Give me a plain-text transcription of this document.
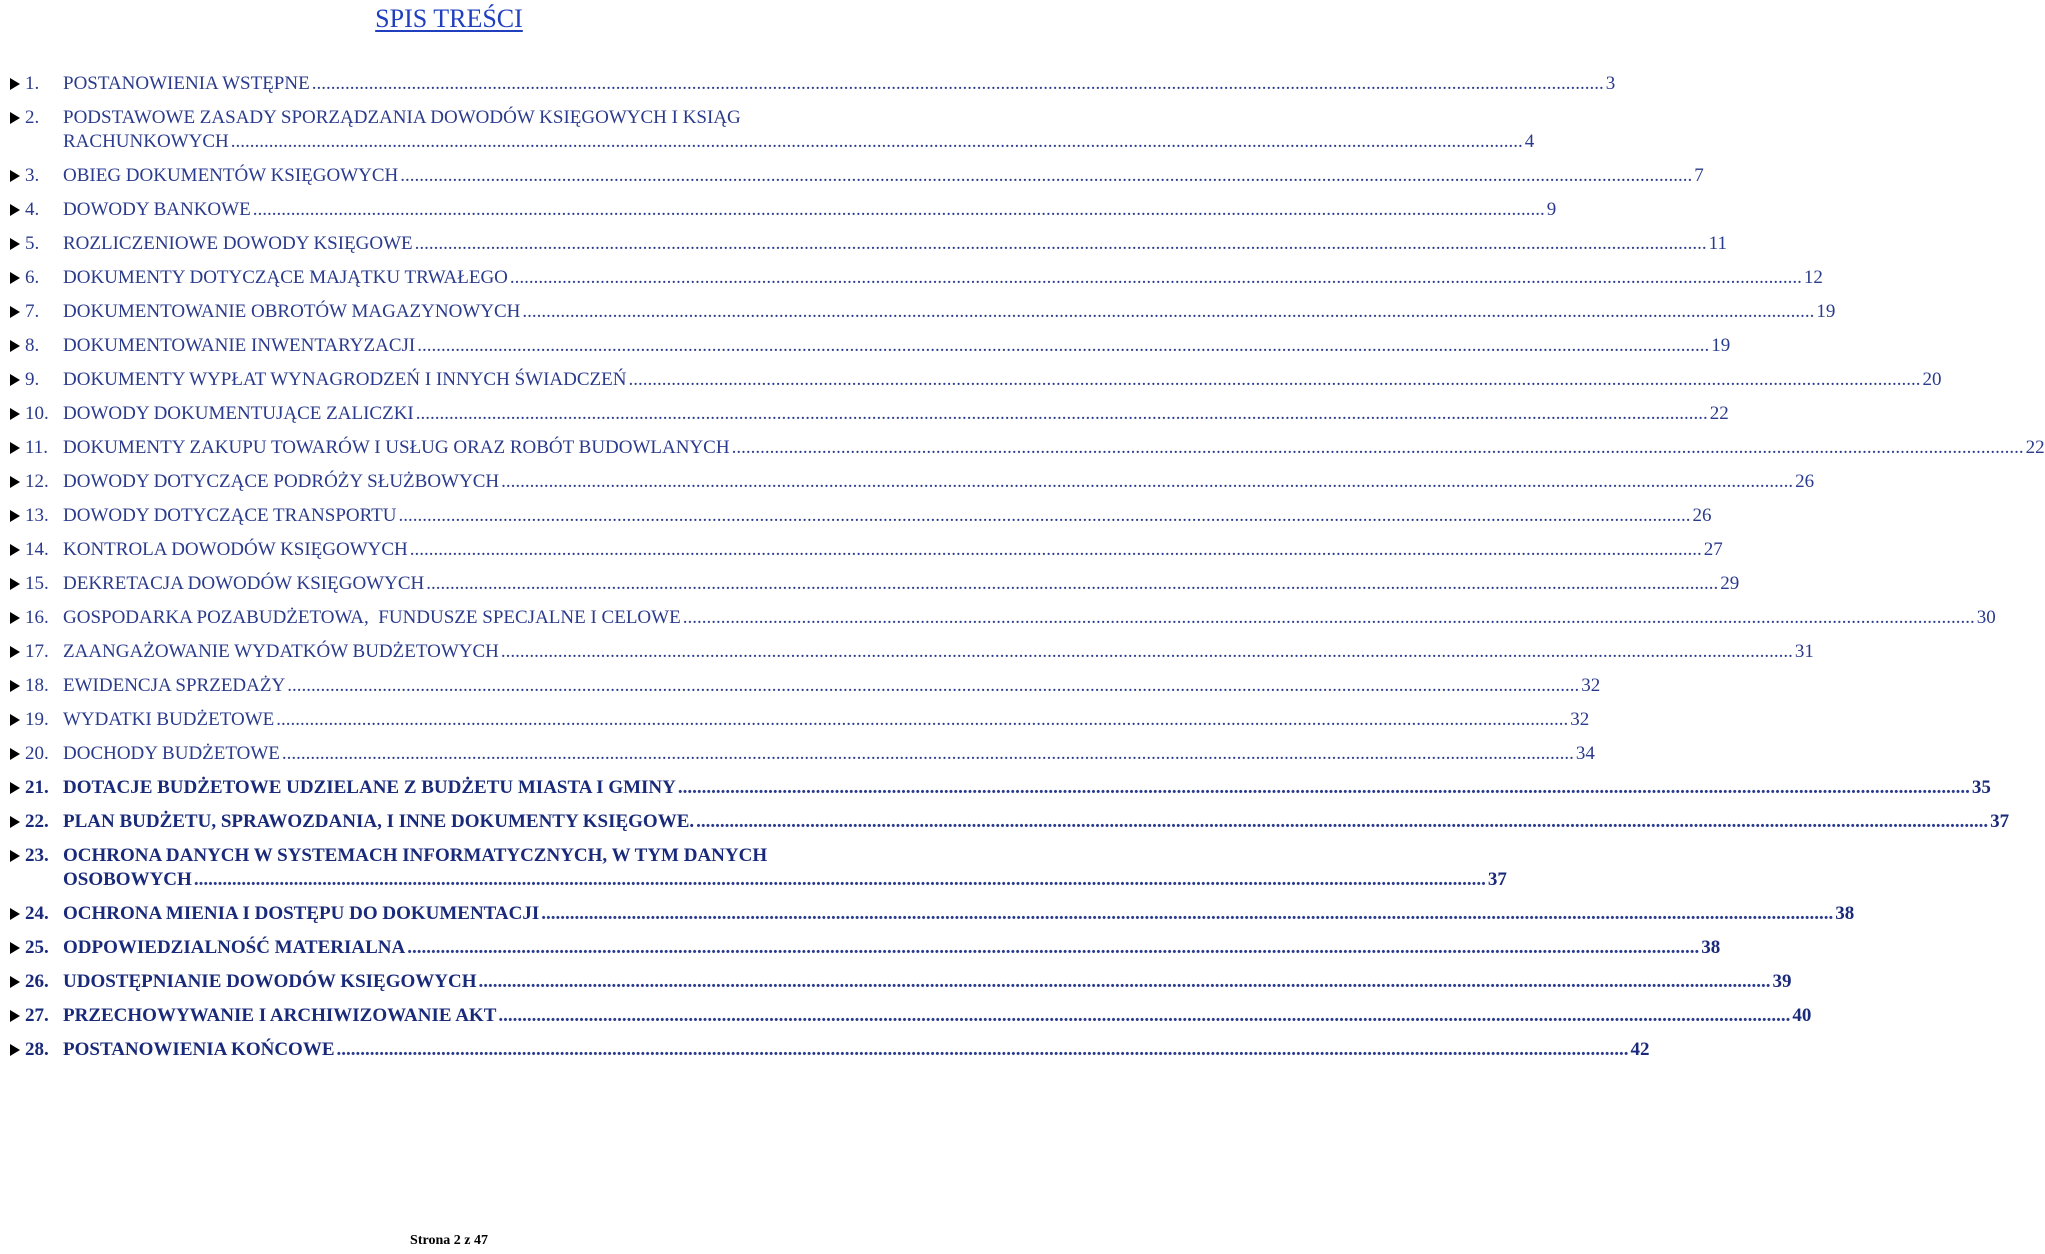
SPIS TREŚCI
1.	POSTANOWIENIA WSTĘPNE .....	3
2.	PODSTAWOWE ZASADY SPORZĄDZANIA DOWODÓW KSIĘGOWYCH I KSIĄG
RACHUNKOWYCH .....	4
3.	OBIEG DOKUMENTÓW KSIĘGOWYCH .....	7
4.	DOWODY BANKOWE .....	9
5.	ROZLICZENIOWE DOWODY KSIĘGOWE .....	11
6.	DOKUMENTY DOTYCZĄCE MAJĄTKU TRWAŁEGO .....	12
7.	DOKUMENTOWANIE OBROTÓW MAGAZYNOWYCH .....	19
8.	DOKUMENTOWANIE INWENTARYZACJI .....	19
9.	DOKUMENTY WYPŁAT WYNAGRODZEŃ I INNYCH ŚWIADCZEŃ .....	20
10. DOWODY DOKUMENTUJĄCE ZALICZKI .....	22
11. DOKUMENTY ZAKUPU TOWARÓW I USŁUG ORAZ ROBÓT BUDOWLANYCH .....	22
12. DOWODY DOTYCZĄCE PODRÓŻY SŁUŻBOWYCH .....	26
13. DOWODY DOTYCZĄCE TRANSPORTU .....	26
14. KONTROLA DOWODÓW KSIĘGOWYCH .....	27
15. DEKRETACJA DOWODÓW KSIĘGOWYCH .....	29
16. GOSPODARKA POZABUDŻETOWA,  FUNDUSZE SPECJALNE I CELOWE .....	30
17. ZAANGAŻOWANIE WYDATKÓW BUDŻETOWYCH .....	31
18. EWIDENCJA SPRZEDAŻY .....	32
19. WYDATKI BUDŻETOWE .....	32
20. DOCHODY BUDŻETOWE .....	34
21. DOTACJE BUDŻETOWE UDZIELANE Z BUDŻETU MIASTA I GMINY .....	35
22. PLAN BUDŻETU, SPRAWOZDANIA, I INNE DOKUMENTY KSIĘGOWE. .....	37
23. OCHRONA DANYCH W SYSTEMACH INFORMATYCZNYCH, W TYM DANYCH
OSOBOWYCH .....	37
24. OCHRONA MIENIA I DOSTĘPU DO DOKUMENTACJI .....	38
25. ODPOWIEDZIALNOŚĆ MATERIALNA .....	38
26. UDOSTĘPNIANIE DOWODÓW KSIĘGOWYCH .....	39
27. PRZECHOWYWANIE I ARCHIWIZOWANIE AKT .....	40
28. POSTANOWIENIA KOŃCOWE .....	42
Strona 2 z 47
